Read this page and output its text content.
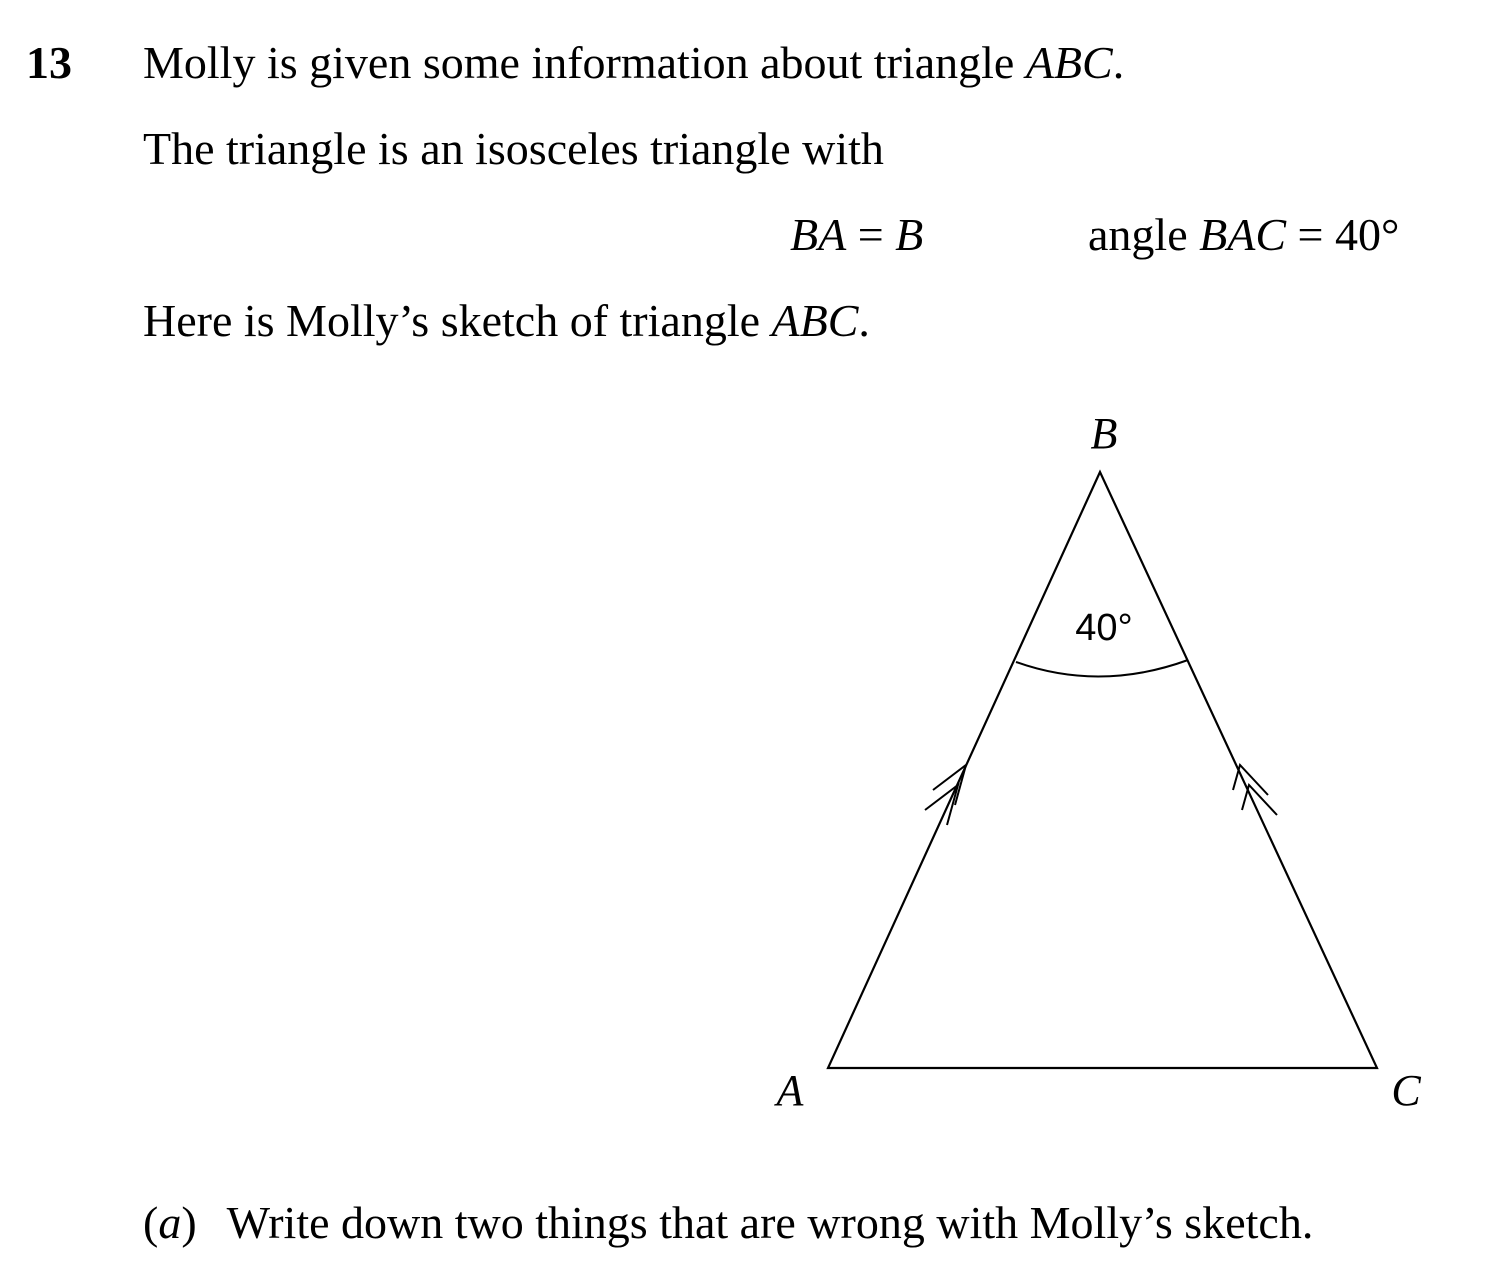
13 Molly is given some information about triangle ABC.
The triangle is an isosceles triangle with
BA = B	angle BAC = 40°
Here is Molly’s sketch of triangle ABC.
40°
B
A	C
(a) Write down two things that are wrong with Molly’s sketch.
